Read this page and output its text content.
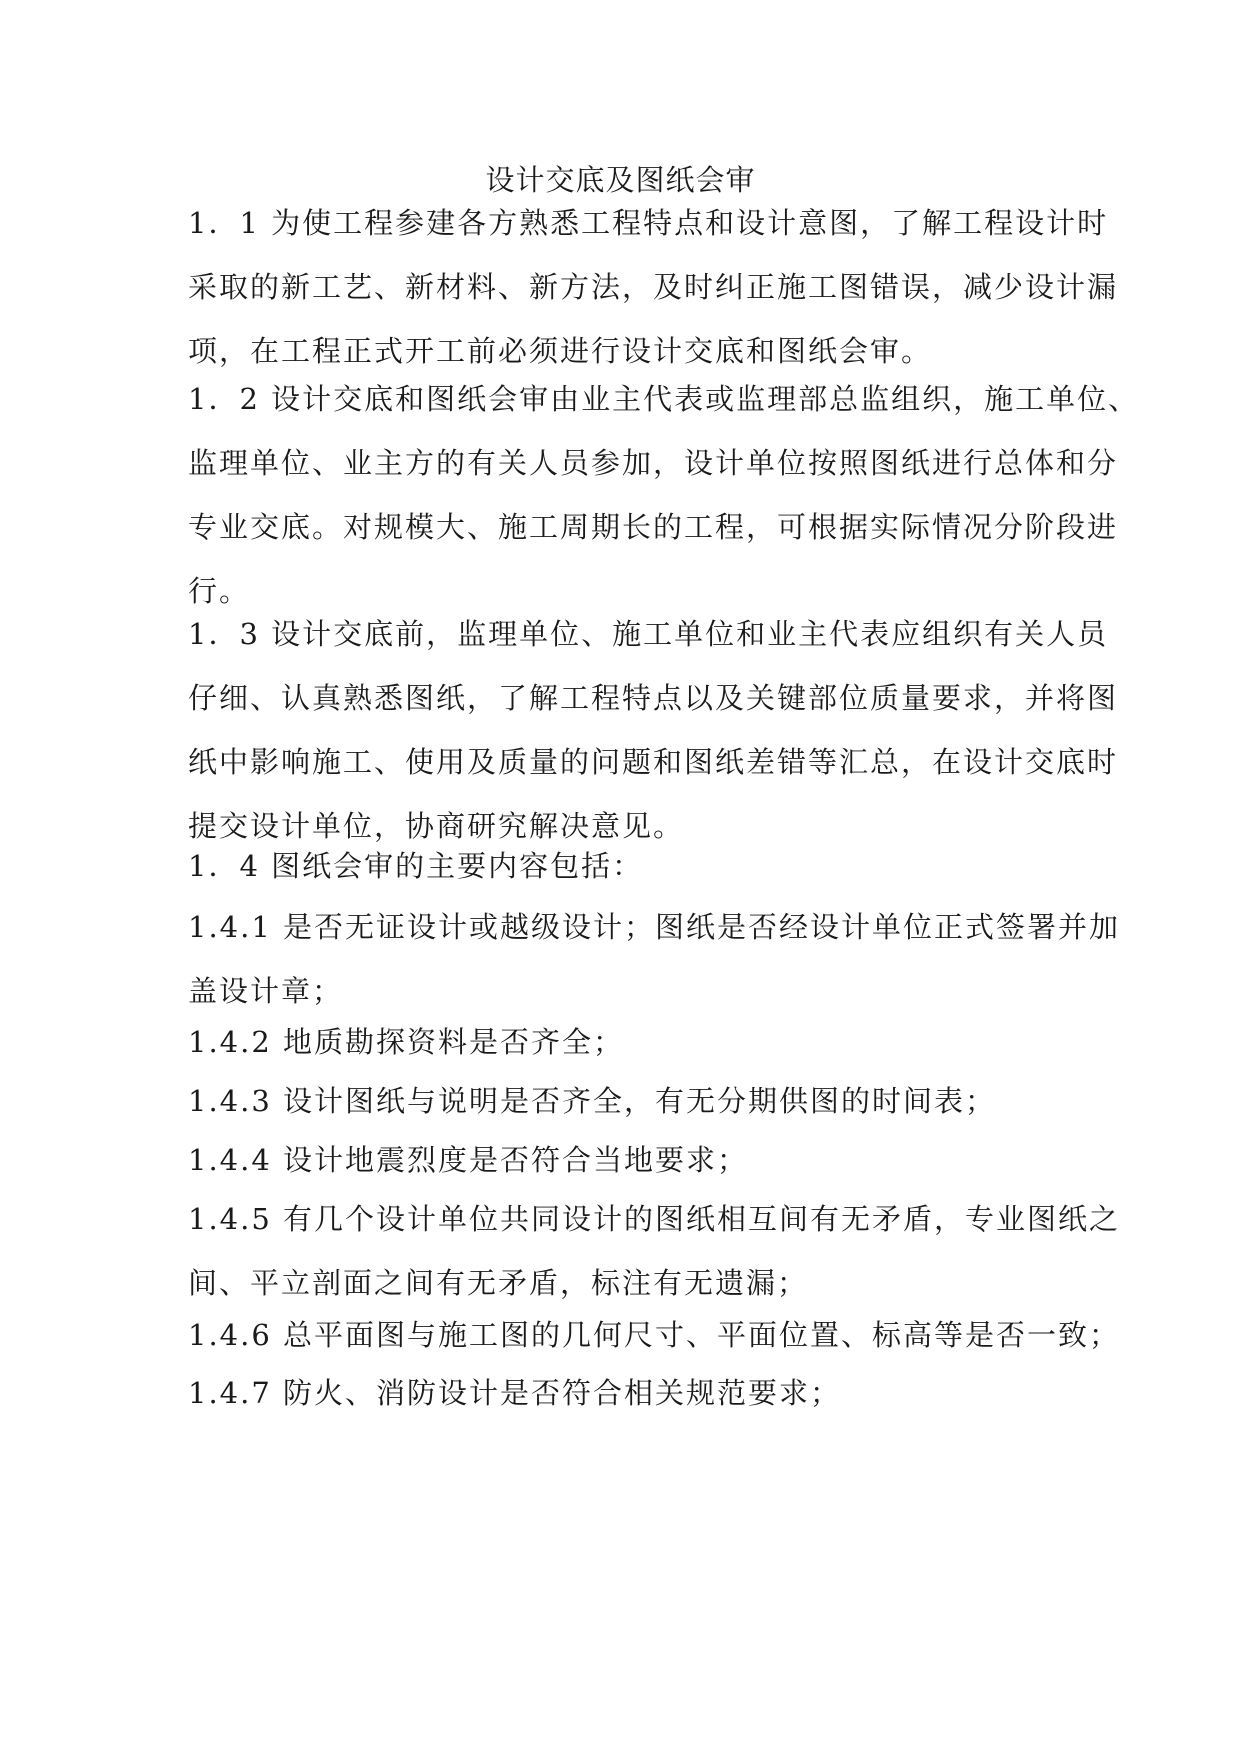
设计交底及图纸会审
1．1 为使工程参建各方熟悉工程特点和设计意图，了解工程设计时
采取的新工艺、新材料、新方法，及时纠正施工图错误，减少设计漏
项，在工程正式开工前必须进行设计交底和图纸会审。
1．2 设计交底和图纸会审由业主代表或监理部总监组织，施工单位、
监理单位、业主方的有关人员参加，设计单位按照图纸进行总体和分
专业交底。对规模大、施工周期长的工程，可根据实际情况分阶段进
行。
1．3 设计交底前，监理单位、施工单位和业主代表应组织有关人员
仔细、认真熟悉图纸，了解工程特点以及关键部位质量要求，并将图
纸中影响施工、使用及质量的问题和图纸差错等汇总，在设计交底时
提交设计单位，协商研究解决意见。
1．4 图纸会审的主要内容包括：
1.4.1 是否无证设计或越级设计；图纸是否经设计单位正式签署并加
盖设计章；
1.4.2 地质勘探资料是否齐全；
1.4.3 设计图纸与说明是否齐全，有无分期供图的时间表；
1.4.4 设计地震烈度是否符合当地要求；
1.4.5 有几个设计单位共同设计的图纸相互间有无矛盾，专业图纸之
间、平立剖面之间有无矛盾，标注有无遗漏；
1.4.6 总平面图与施工图的几何尺寸、平面位置、标高等是否一致；
1.4.7 防火、消防设计是否符合相关规范要求；
